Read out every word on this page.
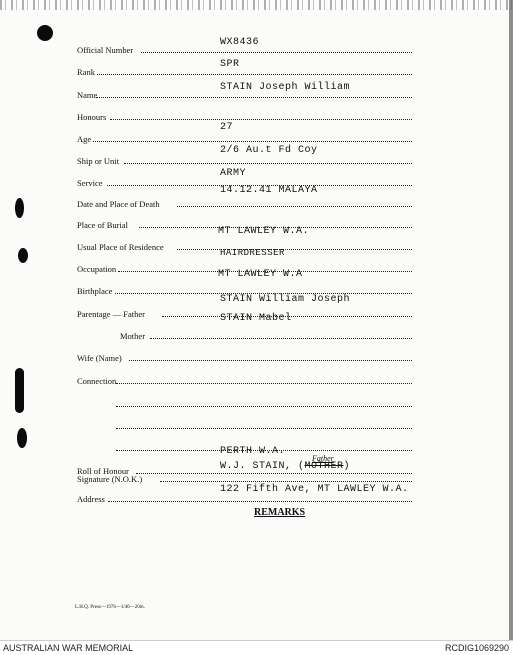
Official Number
WX8436
Rank
SPR
Name
STAIN Joseph William
Honours
Age
27
Ship or Unit
2/6 Au.t Fd Coy
Service
ARMY
Date and Place of Death
14.12.41 MALAYA
Place of Burial
Usual Place of Residence
MT LAWLEY W.A.
Occupation
HAIRDRESSER
Birthplace
MT LAWLEY W.A
Parentage — Father
STAIN William Joseph
Mother
STAIN Mabel
Wife (Name)
Connection
Roll of Honour
PERTH W.A.
Signature (N.O.K.)
W.J. STAIN, (MOTHER)
Father
Address
122 Fifth Ave, MT LAWLEY W.A.
REMARKS
L.H.Q. Press—1976—1/46—20m.
AUSTRALIAN WAR MEMORIAL	RCDIG1069290
